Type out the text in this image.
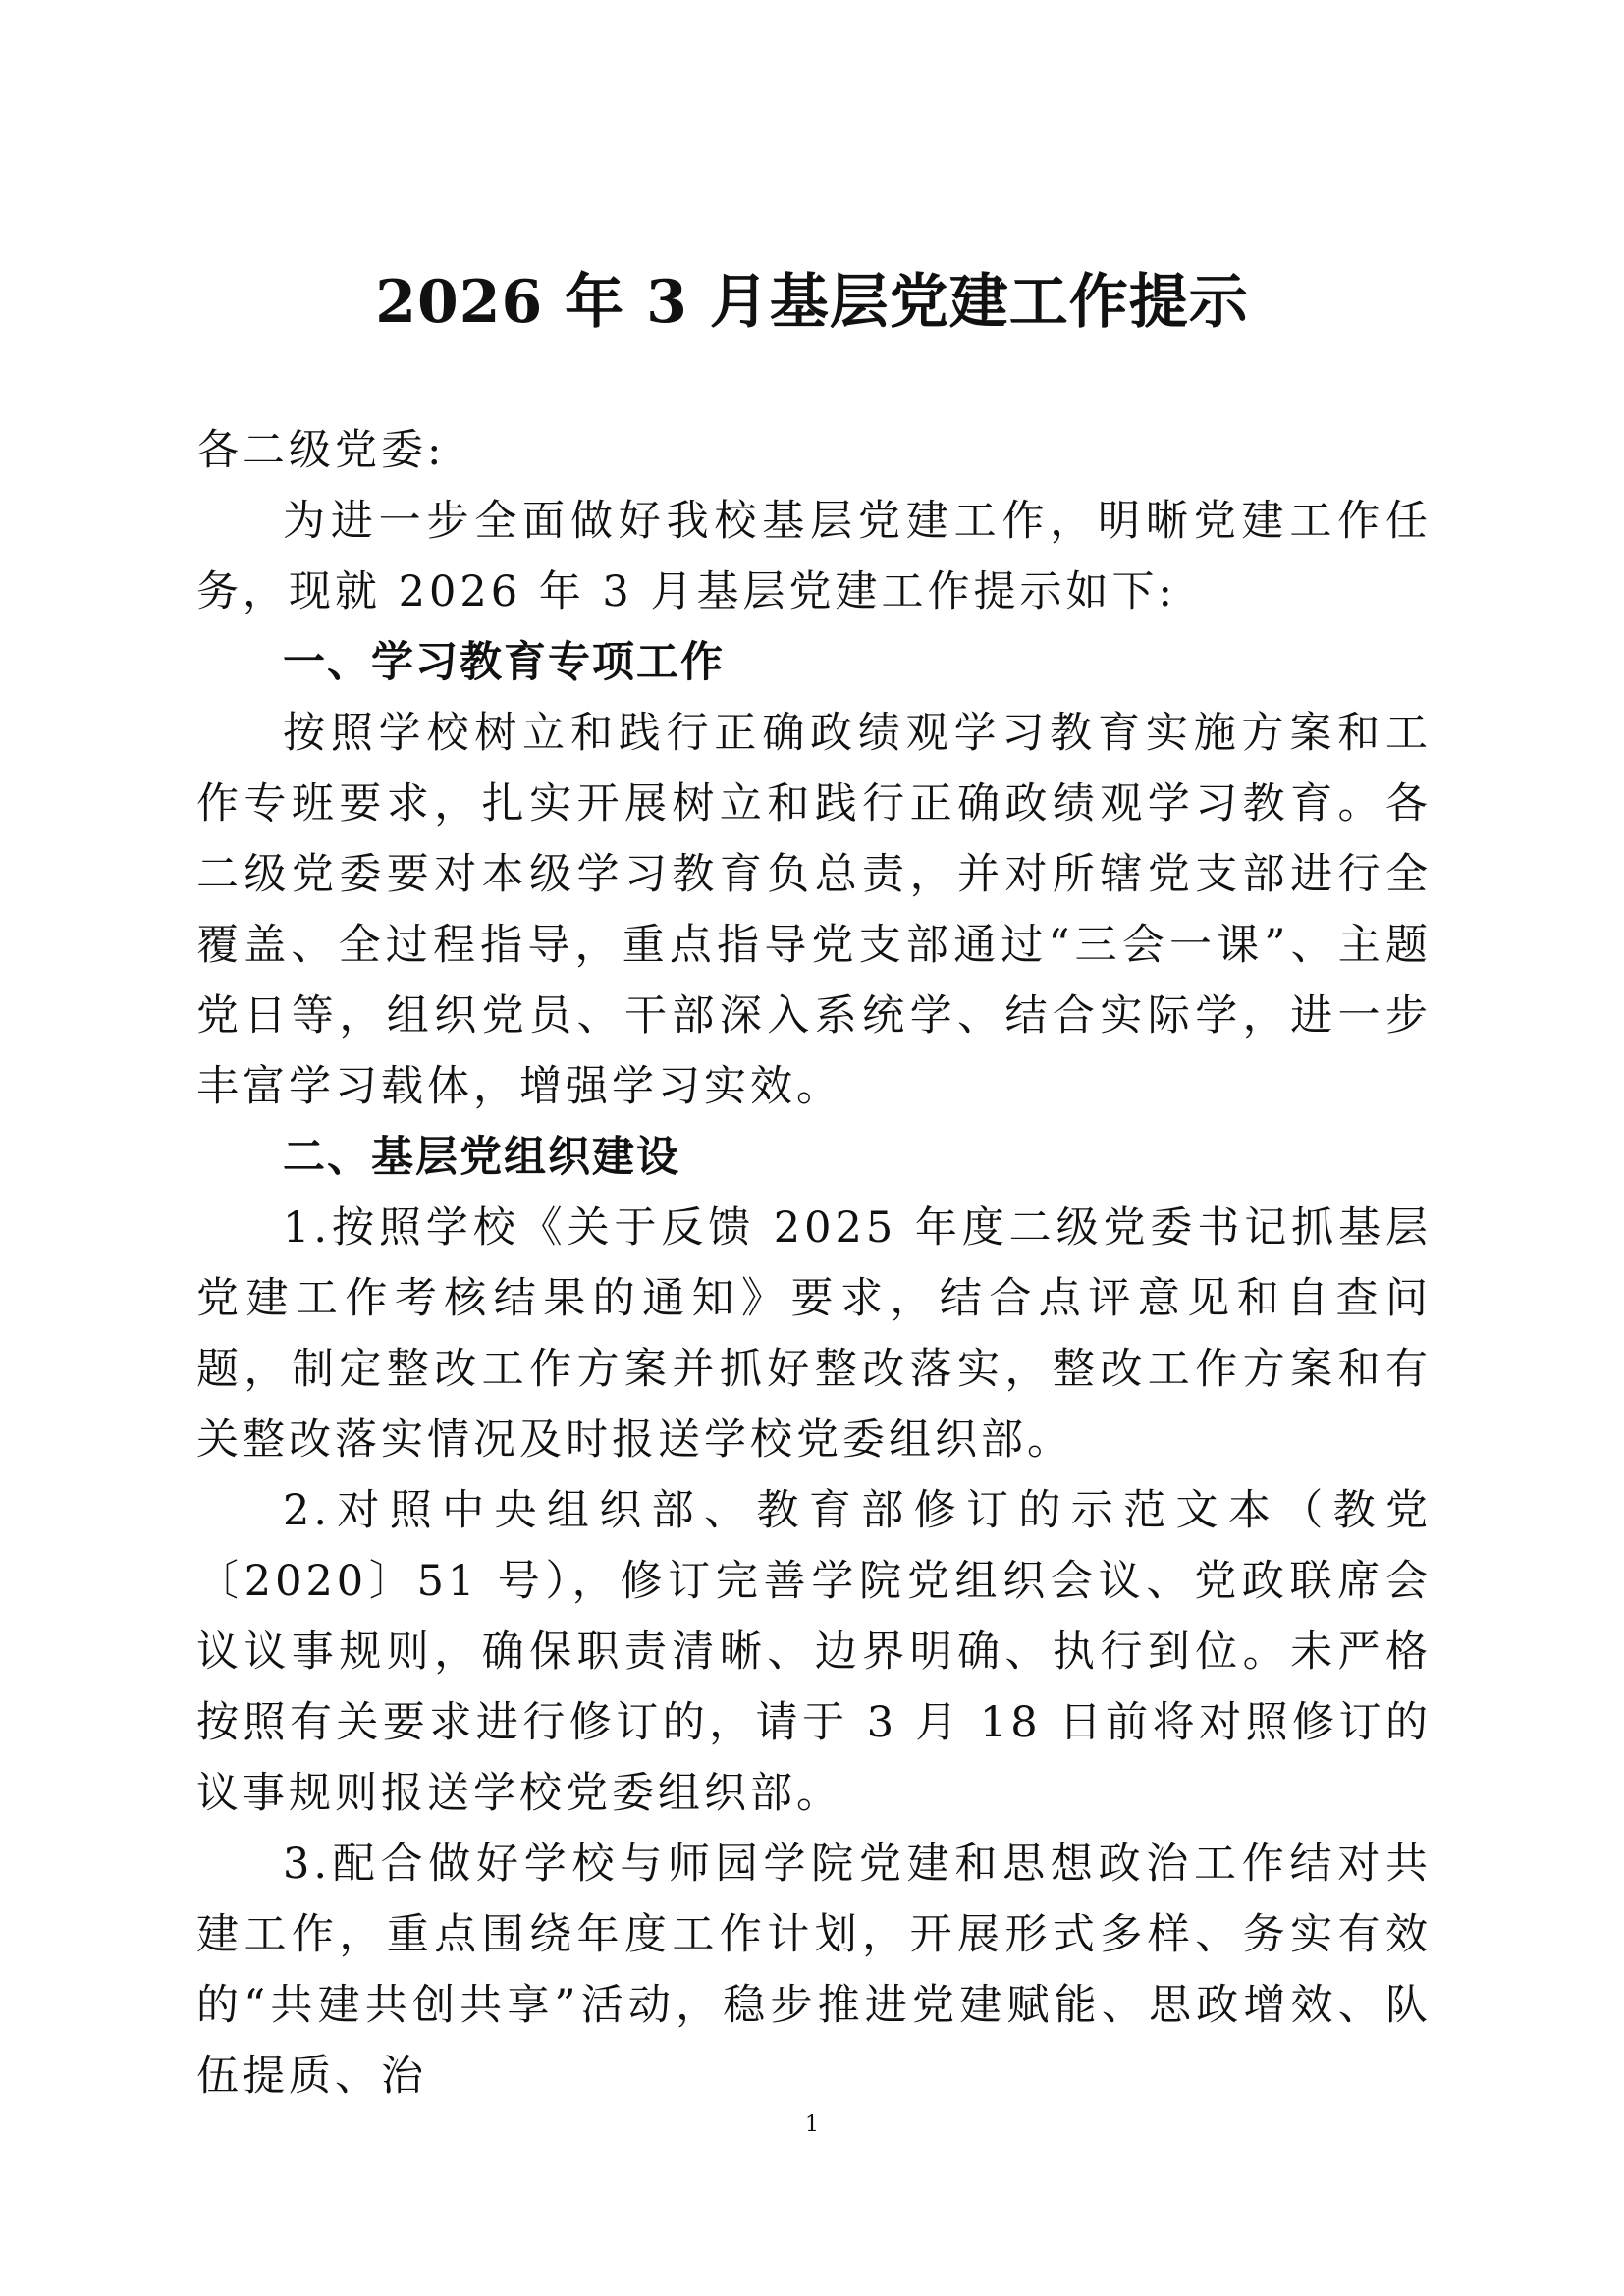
2026 年 3 月基层党建工作提示

各二级党委:

为进一步全面做好我校基层党建工作，明晰党建工作任务，现就 2026 年 3 月基层党建工作提示如下:

一、学习教育专项工作

按照学校树立和践行正确政绩观学习教育实施方案和工作专班要求，扎实开展树立和践行正确政绩观学习教育。各二级党委要对本级学习教育负总责，并对所辖党支部进行全覆盖、全过程指导，重点指导党支部通过“三会一课”、主题党日等，组织党员、干部深入系统学、结合实际学，进一步丰富学习载体，增强学习实效。

二、基层党组织建设

1.按照学校《关于反馈 2025 年度二级党委书记抓基层党建工作考核结果的通知》要求，结合点评意见和自查问题，制定整改工作方案并抓好整改落实，整改工作方案和有关整改落实情况及时报送学校党委组织部。

2.对照中央组织部、教育部修订的示范文本（教党〔2020〕51 号），修订完善学院党组织会议、党政联席会议议事规则，确保职责清晰、边界明确、执行到位。未严格按照有关要求进行修订的，请于 3 月 18 日前将对照修订的议事规则报送学校党委组织部。

3.配合做好学校与师园学院党建和思想政治工作结对共建工作，重点围绕年度工作计划，开展形式多样、务实有效的“共建共创共享”活动，稳步推进党建赋能、思政增效、队伍提质、治

1
